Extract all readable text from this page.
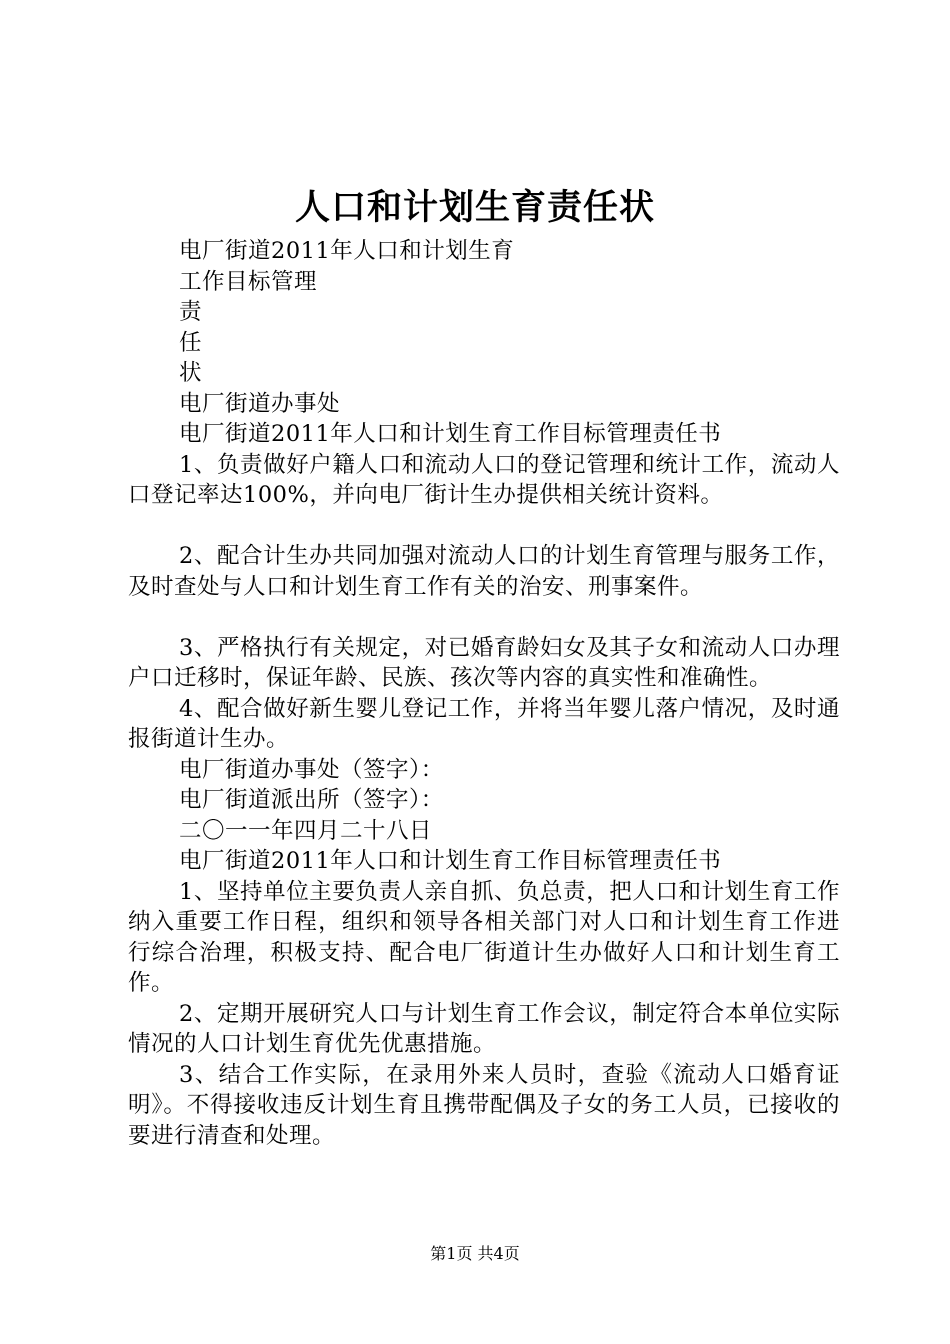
人口和计划生育责任状
电厂街道2011年人口和计划生育
工作目标管理
责
任
状
电厂街道办事处
电厂街道2011年人口和计划生育工作目标管理责任书
1、负责做好户籍人口和流动人口的登记管理和统计工作，流动人口登记率达100%，并向电厂街计生办提供相关统计资料。
2、配合计生办共同加强对流动人口的计划生育管理与服务工作，及时查处与人口和计划生育工作有关的治安、刑事案件。
3、严格执行有关规定，对已婚育龄妇女及其子女和流动人口办理户口迁移时，保证年龄、民族、孩次等内容的真实性和准确性。
4、配合做好新生婴儿登记工作，并将当年婴儿落户情况，及时通报街道计生办。
电厂街道办事处（签字）：
电厂街道派出所（签字）：
二〇一一年四月二十八日
电厂街道2011年人口和计划生育工作目标管理责任书
1、坚持单位主要负责人亲自抓、负总责，把人口和计划生育工作纳入重要工作日程，组织和领导各相关部门对人口和计划生育工作进行综合治理，积极支持、配合电厂街道计生办做好人口和计划生育工作。
2、定期开展研究人口与计划生育工作会议，制定符合本单位实际情况的人口计划生育优先优惠措施。
3、结合工作实际，在录用外来人员时，查验《流动人口婚育证明》。不得接收违反计划生育且携带配偶及子女的务工人员，已接收的要进行清查和处理。
第1页 共4页
